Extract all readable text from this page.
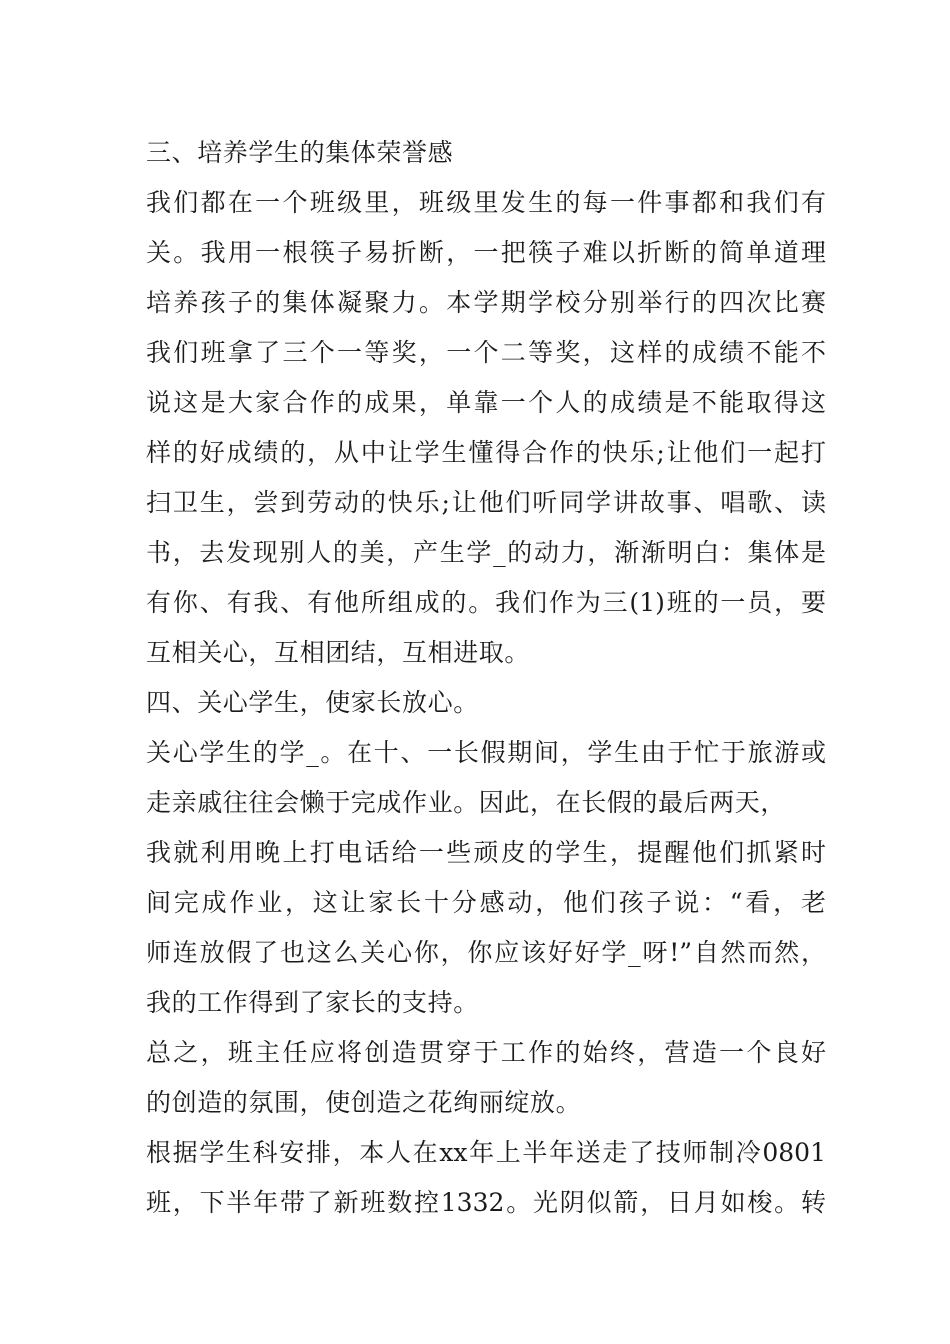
三、培养学生的集体荣誉感
我们都在一个班级里，班级里发生的每一件事都和我们有
关。我用一根筷子易折断，一把筷子难以折断的简单道理
培养孩子的集体凝聚力。本学期学校分别举行的四次比赛
我们班拿了三个一等奖，一个二等奖，这样的成绩不能不
说这是大家合作的成果，单靠一个人的成绩是不能取得这
样的好成绩的，从中让学生懂得合作的快乐;让他们一起打
扫卫生，尝到劳动的快乐;让他们听同学讲故事、唱歌、读
书，去发现别人的美，产生学_的动力，渐渐明白：集体是
有你、有我、有他所组成的。我们作为三(1)班的一员，要
互相关心，互相团结，互相进取。
四、关心学生，使家长放心。
关心学生的学_。在十、一长假期间，学生由于忙于旅游或
走亲戚往往会懒于完成作业。因此，在长假的最后两天，
我就利用晚上打电话给一些顽皮的学生，提醒他们抓紧时
间完成作业，这让家长十分感动，他们孩子说：“看，老
师连放假了也这么关心你，你应该好好学_呀!”自然而然，
我的工作得到了家长的支持。
总之，班主任应将创造贯穿于工作的始终，营造一个良好
的创造的氛围，使创造之花绚丽绽放。
根据学生科安排，本人在xx年上半年送走了技师制冷0801
班，下半年带了新班数控1332。光阴似箭，日月如梭。转
